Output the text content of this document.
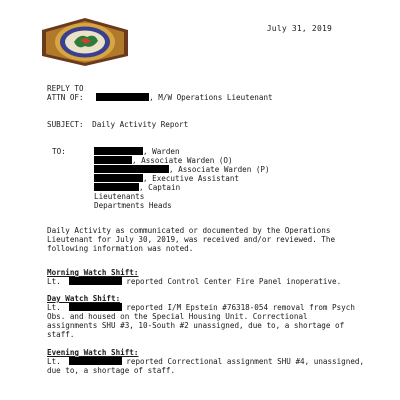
July 31, 2019
REPLY TO
ATTN OF:	, M/W Operations Lieutenant
SUBJECT: Daily Activity Report
TO:	, Warden
, Associate Warden (O)
, Associate Warden (P)
, Executive Assistant
, Captain
Lieutenants
Departments Heads
Daily Activity as communicated or documented by the Operations
Lieutenant for July 30, 2019, was received and/or reviewed. The
following information was noted.
Morning Watch Shift:
Lt.	reported Control Center Fire Panel inoperative.
Day Watch Shift:
Lt.	reported I/M Epstein #76318-054 removal from Psych
Obs. and housed on the Special Housing Unit. Correctional
assignments SHU #3, 10-South #2 unassigned, due to, a shortage of
staff.
Evening Watch Shift:
Lt.	reported Correctional assignment SHU #4, unassigned,
due to, a shortage of staff.
